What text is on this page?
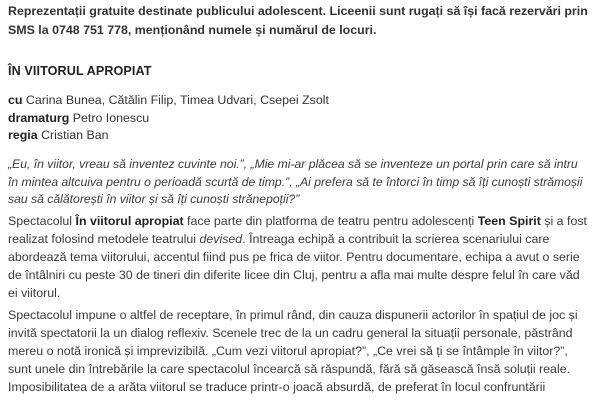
Reprezentații gratuite destinate publicului adolescent. Liceenii sunt rugați să își facă rezervări prin SMS la 0748 751 778, menționând numele și numărul de locuri.

ÎN VIITORUL APROPIAT
cu Carina Bunea, Cătălin Filip, Timea Udvari, Csepei Zsolt
dramaturg Petro Ionescu
regia Cristian Ban

„Eu, în viitor, vreau să inventez cuvinte noi.”, „Mie mi-ar plăcea să se inventeze un portal prin care să intru în mintea altcuiva pentru o perioadă scurtă de timp.”, „Ai prefera să te întorci în timp să îți cunoști strămoșii sau să călătorești în viitor și să îți cunoști strănepoții?”

Spectacolul În viitorul apropiat face parte din platforma de teatru pentru adolescenți Teen Spirit și a fost realizat folosind metodele teatrului devised. Întreaga echipă a contribuit la scrierea scenariului care abordează tema viitorului, accentul fiind pus pe frica de viitor. Pentru documentare, echipa a avut o serie de întâlniri cu peste 30 de tineri din diferite licee din Cluj, pentru a afla mai multe despre felul în care văd ei viitorul.

Spectacolul impune o altfel de receptare, în primul rând, din cauza dispunerii actorilor în spațiul de joc și invită spectatorii la un dialog reflexiv. Scenele trec de la un cadru general la situații personale, păstrând mereu o notă ironică și imprevizibilă. „Cum vezi viitorul apropiat?”, „Ce vrei să ți se întâmple în viitor?”, sunt unele din întrebările la care spectacolul încearcă să răspundă, fără să găsească însă soluții reale. Imposibilitatea de a arăta viitorul se traduce printr-o joacă absurdă, de preferat în locul confruntării
